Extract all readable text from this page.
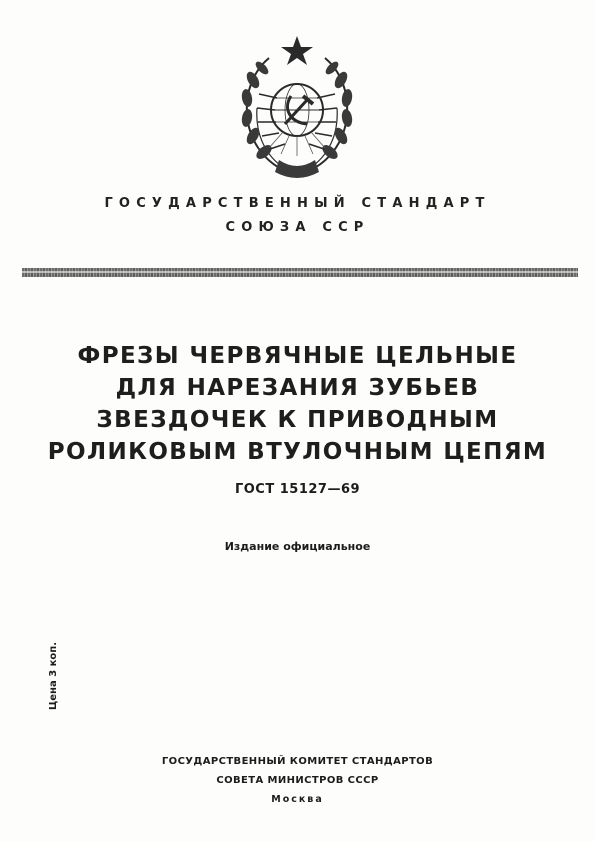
ГОСУДАРСТВЕННЫЙ СТАНДАРТ
СОЮЗА ССР
ФРЕЗЫ ЧЕРВЯЧНЫЕ ЦЕЛЬНЫЕ
ДЛЯ НАРЕЗАНИЯ ЗУБЬЕВ
ЗВЕЗДОЧЕК К ПРИВОДНЫМ
РОЛИКОВЫМ ВТУЛОЧНЫМ ЦЕПЯМ
ГОСТ 15127—69
Издание официальное
Цена 3 коп.
ГОСУДАРСТВЕННЫЙ КОМИТЕТ СТАНДАРТОВ
СОВЕТА МИНИСТРОВ СССР
Москва
